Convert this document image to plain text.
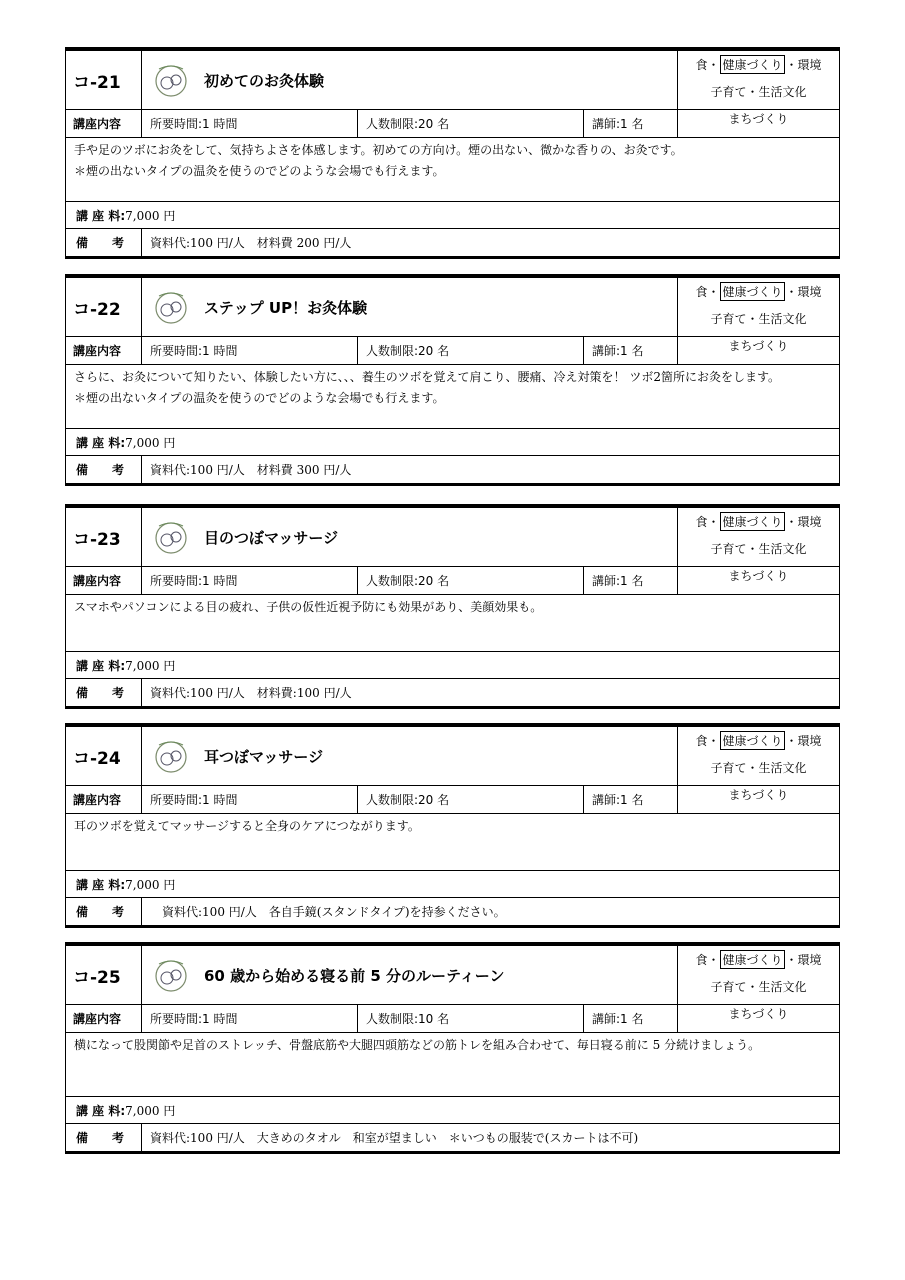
コ-21	初めてのお灸体験
講座内容	所要時間:1 時間	人数制限:20 名	講師:1 名
食・ 健康づくり ・環境
子育て・生活文化
まちづくり
手や足のツボにお灸をして、気持ちよさを体感します。初めての方向け。煙の出ない、微かな香りの、お灸です。
＊煙の出ないタイプの温灸を使うのでどのような会場でも行えます。
講 座 料: 7,000 円
備　　考	資料代:100 円/人　材料費 200 円/人
コ-22	ステップ UP！お灸体験
講座内容	所要時間:1 時間	人数制限:20 名	講師:1 名
食・ 健康づくり ・環境
子育て・生活文化
まちづくり
さらに、お灸について知りたい、体験したい方に、、、養生のツボを覚えて肩こり、腰痛、冷え対策を！ ツボ2箇所にお灸をします。
＊煙の出ないタイプの温灸を使うのでどのような会場でも行えます。
講 座 料: 7,000 円
備　　考	資料代:100 円/人　材料費 300 円/人
コ-23	目のつぼマッサージ
講座内容	所要時間:1 時間	人数制限:20 名	講師:1 名
食・ 健康づくり ・環境
子育て・生活文化
まちづくり
スマホやパソコンによる目の疲れ、子供の仮性近視予防にも効果があり、美顔効果も。
講 座 料: 7,000 円
備　　考	資料代:100 円/人　材料費:100 円/人
コ-24	耳つぼマッサージ
講座内容	所要時間:1 時間	人数制限:20 名	講師:1 名
食・ 健康づくり ・環境
子育て・生活文化
まちづくり
耳のツボを覚えてマッサージすると全身のケアにつながります。
講 座 料: 7,000 円
備　　考	　資料代:100 円/人　各自手鏡(スタンドタイプ)を持参ください。
コ-25	60 歳から始める寝る前 5 分のルーティーン
講座内容	所要時間:1 時間	人数制限:10 名	講師:1 名
食・ 健康づくり ・環境
子育て・生活文化
まちづくり
横になって股関節や足首のストレッチ、骨盤底筋や大腿四頭筋などの筋トレを組み合わせて、毎日寝る前に 5 分続けましょう。
講 座 料: 7,000 円
備　　考	資料代:100 円/人　大きめのタオル　和室が望ましい　＊いつもの服装で(スカートは不可)
